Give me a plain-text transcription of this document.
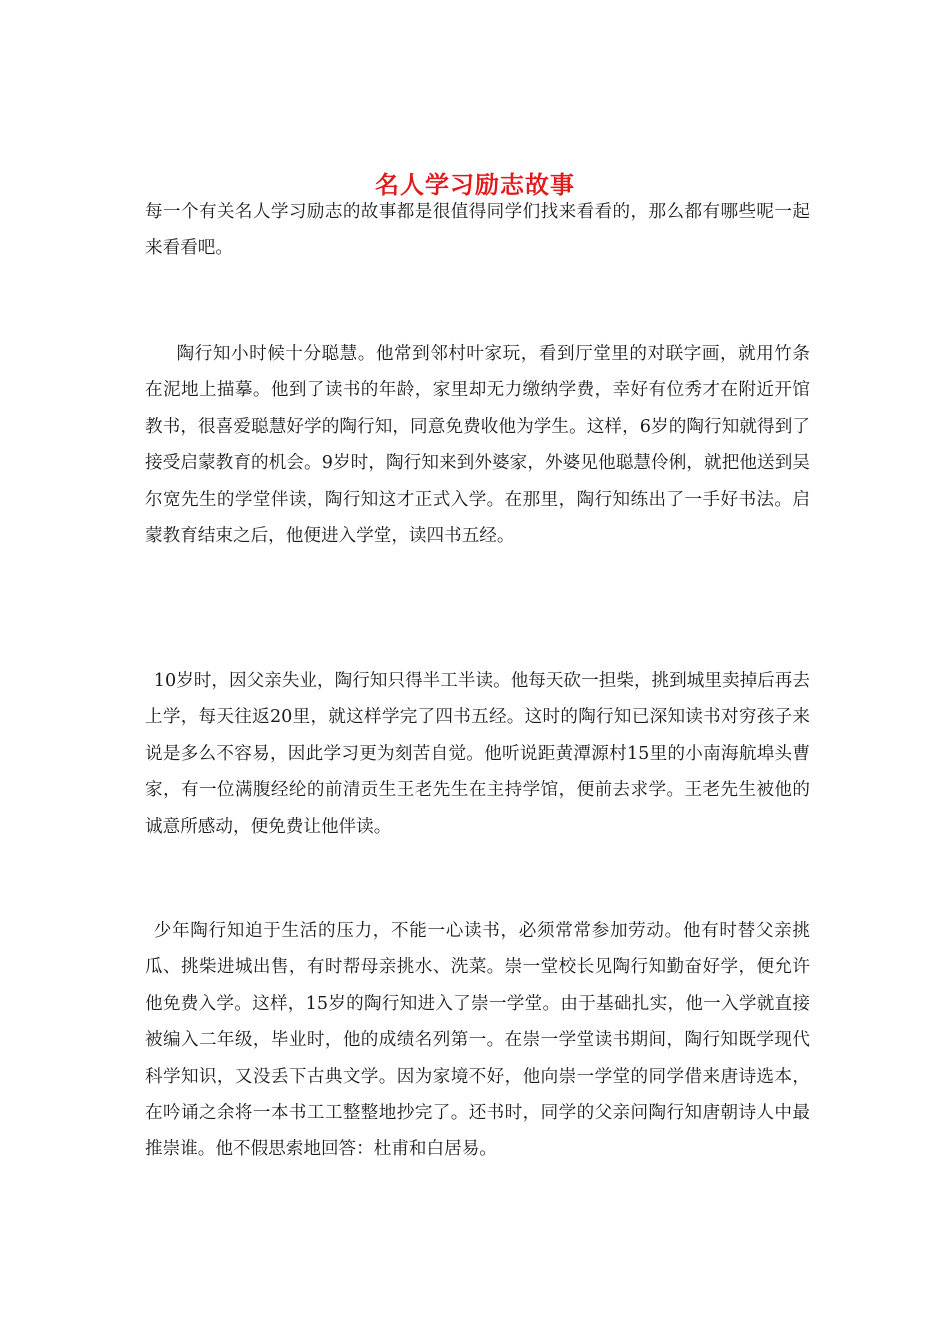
名人学习励志故事

每一个有关名人学习励志的故事都是很值得同学们找来看看的，那么都有哪些呢一起来看看吧。

陶行知小时候十分聪慧。他常到邻村叶家玩，看到厅堂里的对联字画，就用竹条在泥地上描摹。他到了读书的年龄，家里却无力缴纳学费，幸好有位秀才在附近开馆教书，很喜爱聪慧好学的陶行知，同意免费收他为学生。这样，6岁的陶行知就得到了接受启蒙教育的机会。9岁时，陶行知来到外婆家，外婆见他聪慧伶俐，就把他送到吴尔宽先生的学堂伴读，陶行知这才正式入学。在那里，陶行知练出了一手好书法。启蒙教育结束之后，他便进入学堂，读四书五经。

10岁时，因父亲失业，陶行知只得半工半读。他每天砍一担柴，挑到城里卖掉后再去上学，每天往返20里，就这样学完了四书五经。这时的陶行知已深知读书对穷孩子来说是多么不容易，因此学习更为刻苦自觉。他听说距黄潭源村15里的小南海航埠头曹家，有一位满腹经纶的前清贡生王老先生在主持学馆，便前去求学。王老先生被他的诚意所感动，便免费让他伴读。

少年陶行知迫于生活的压力，不能一心读书，必须常常参加劳动。他有时替父亲挑瓜、挑柴进城出售，有时帮母亲挑水、洗菜。崇一堂校长见陶行知勤奋好学，便允许他免费入学。这样，15岁的陶行知进入了崇一学堂。由于基础扎实，他一入学就直接被编入二年级，毕业时，他的成绩名列第一。在崇一学堂读书期间，陶行知既学现代科学知识，又没丢下古典文学。因为家境不好，他向崇一学堂的同学借来唐诗选本，在吟诵之余将一本书工工整整地抄完了。还书时，同学的父亲问陶行知唐朝诗人中最推崇谁。他不假思索地回答：杜甫和白居易。
